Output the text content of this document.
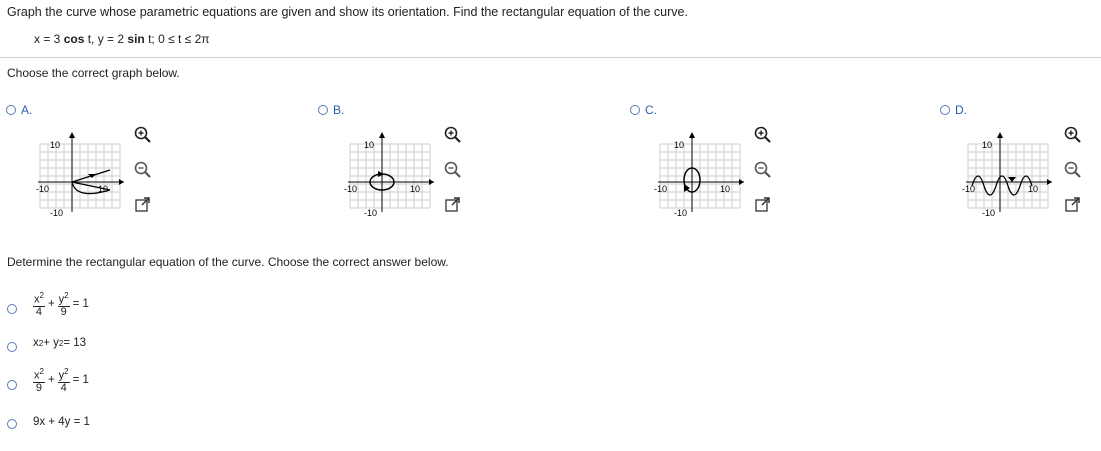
Graph the curve whose parametric equations are given and show its orientation. Find the rectangular equation of the curve.
x = 3 cos t, y = 2 sin t; 0 ≤ t ≤ 2π
Choose the correct graph below.
A.
10
-10	10
-10
B.
10
-10	10
-10
C.
10
-10	10
-10
D.
10
-10	10
-10
Determine the rectangular equation of the curve. Choose the correct answer below.
$\frac{x^2}{4} + \frac{y^2}{9} = 1$
x 2 + y 2 = 13
$\frac{x^2}{9} + \frac{y^2}{4} = 1$
9x + 4y = 1
